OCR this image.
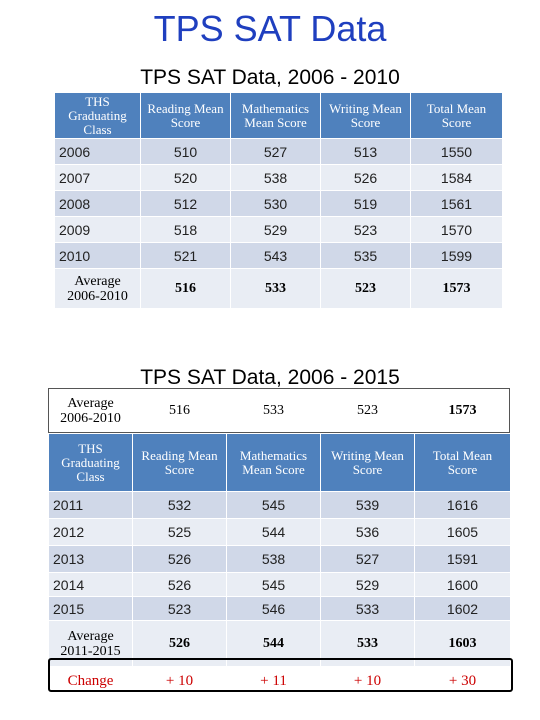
TPS SAT Data
TPS SAT Data, 2006 - 2010
THS Graduating Class	Reading Mean Score	Mathematics Mean Score	Writing Mean Score	Total Mean Score
2006	510	527	513	1550
2007	520	538	526	1584
2008	512	530	519	1561
2009	518	529	523	1570
2010	521	543	535	1599
Average 2006-2010	516	533	523	1573
TPS SAT Data, 2006 - 2015
Average 2006-2010	516	533	523	1573
THS Graduating Class	Reading Mean Score	Mathematics Mean Score	Writing Mean Score	Total Mean Score
2011	532	545	539	1616
2012	525	544	536	1605
2013	526	538	527	1591
2014	526	545	529	1600
2015	523	546	533	1602
Average 2011-2015	526	544	533	1603
Change	+ 10	+ 11	+ 10	+ 30
